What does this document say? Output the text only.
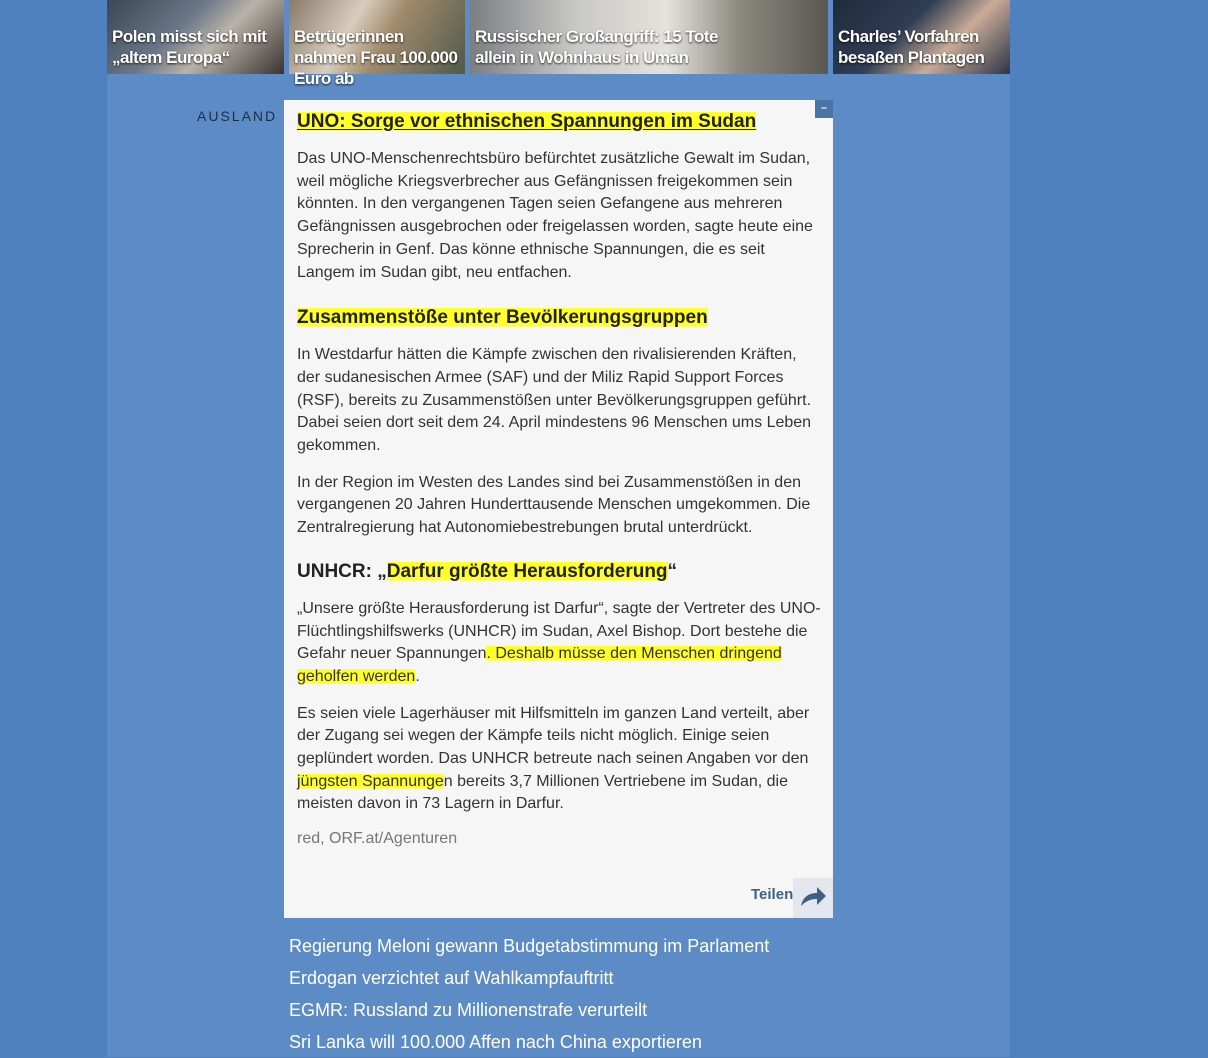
Polen misst sich mit „altem Europa“
Betrügerinnen nahmen Frau 100.000 Euro ab
Russischer Großangriff: 15 Tote allein in Wohnhaus in Uman
Charles’ Vorfahren besaßen Plantagen
AUSLAND	–
UNO: Sorge vor ethnischen Spannungen im Sudan

Das UNO-Menschenrechtsbüro befürchtet zusätzliche Gewalt im Sudan, weil mögliche Kriegsverbrecher aus Gefängnissen freigekommen sein könnten. In den vergangenen Tagen seien Gefangene aus mehreren Gefängnissen ausgebrochen oder freigelassen worden, sagte heute eine Sprecherin in Genf. Das könne ethnische Spannungen, die es seit Langem im Sudan gibt, neu entfachen.

Zusammenstöße unter Bevölkerungsgruppen

In Westdarfur hätten die Kämpfe zwischen den rivalisierenden Kräften, der sudanesischen Armee (SAF) und der Miliz Rapid Support Forces (RSF), bereits zu Zusammenstößen unter Bevölkerungsgruppen geführt. Dabei seien dort seit dem 24. April mindestens 96 Menschen ums Leben gekommen.

In der Region im Westen des Landes sind bei Zusammenstößen in den vergangenen 20 Jahren Hunderttausende Menschen umgekommen. Die Zentralregierung hat Autonomiebestrebungen brutal unterdrückt.

UNHCR: „Darfur größte Herausforderung“

„Unsere größte Herausforderung ist Darfur“, sagte der Vertreter des UNO-Flüchtlingshilfswerks (UNHCR) im Sudan, Axel Bishop. Dort bestehe die Gefahr neuer Spannungen. Deshalb müsse den Menschen dringend geholfen werden.

Es seien viele Lagerhäuser mit Hilfsmitteln im ganzen Land verteilt, aber der Zugang sei wegen der Kämpfe teils nicht möglich. Einige seien geplündert worden. Das UNHCR betreute nach seinen Angaben vor den jüngsten Spannungen bereits 3,7 Millionen Vertriebene im Sudan, die meisten davon in 73 Lagern in Darfur.

red, ORF.at/Agenturen
Teilen
Regierung Meloni gewann Budgetabstimmung im Parlament
Erdogan verzichtet auf Wahlkampfauftritt
EGMR: Russland zu Millionenstrafe verurteilt
Sri Lanka will 100.000 Affen nach China exportieren
